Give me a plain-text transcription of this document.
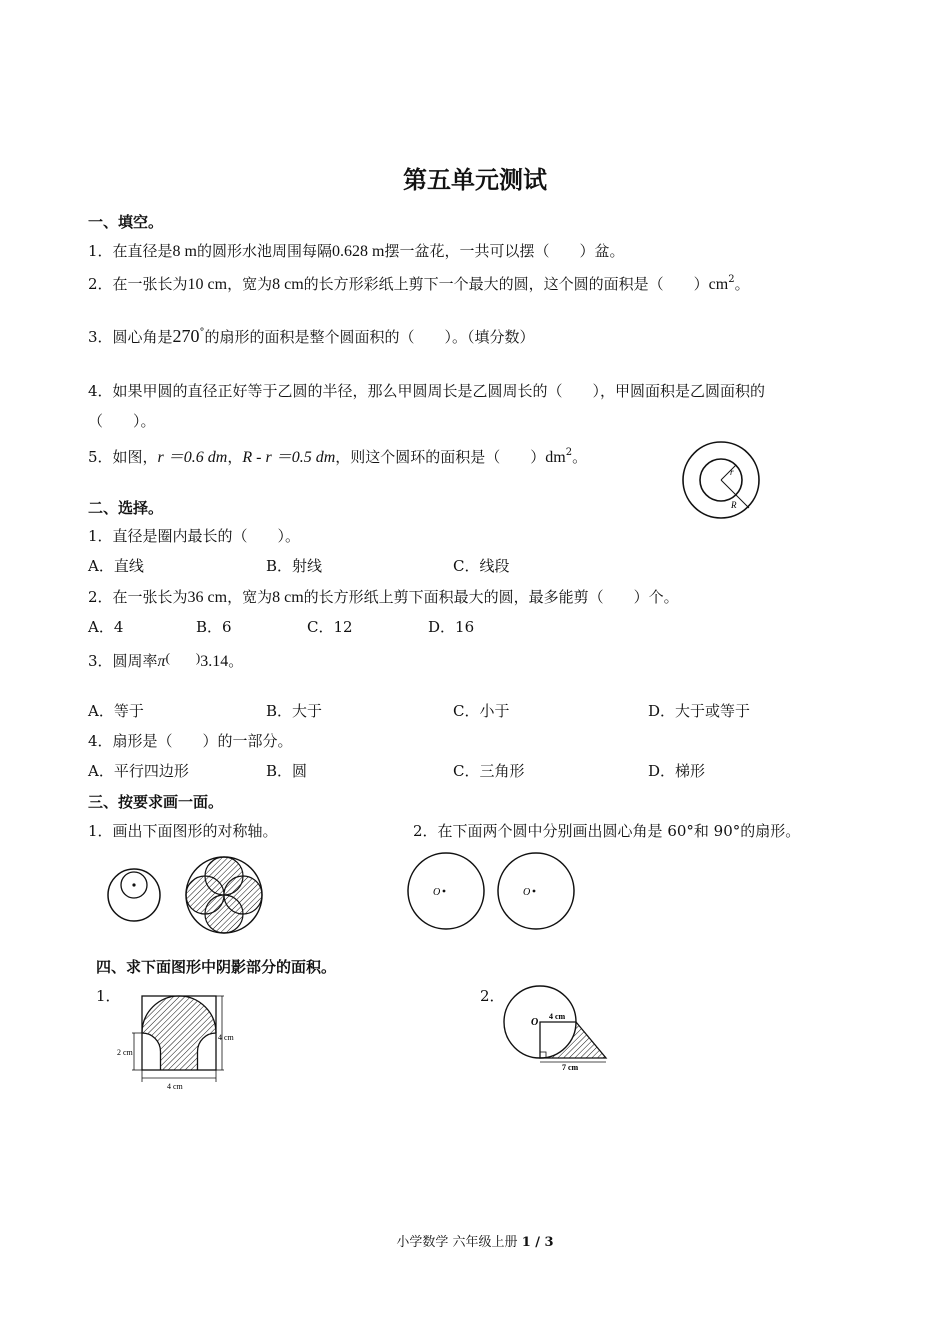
第五单元测试
一、填空。
1．在直径是8 m的圆形水池周围每隔0.628 m摆一盆花，一共可以摆（　　）盆。
2．在一张长为10 cm，宽为8 cm的长方形彩纸上剪下一个最大的圆，这个圆的面积是（　　）$cm^2$。
3．圆心角是270°的扇形的面积是整个圆面积的（　　）。（填分数）
4．如果甲圆的直径正好等于乙圆的半径，那么甲圆周长是乙圆周长的（　　），甲圆面积是乙圆面积的
（　　）。
5．如图，r ＝0.6 dm，R - r ＝0.5 dm，则这个圆环的面积是（　　）$dm^2$。
r
R
二、选择。
1．直径是圈内最长的（　　）。
A．直线	B．射线	C．线段
2．在一张长为36 cm，宽为8 cm的长方形纸上剪下面积最大的圆，最多能剪（　　）个。
A．4	B．6	C．12	D．16
3．圆周率π(　　)3.14。
A．等于	B．大于	C．小于	D．大于或等于
4．扇形是（　　）的一部分。
A．平行四边形	B．圆	C．三角形	D．梯形
三、按要求画一面。
1．画出下面图形的对称轴。	2．在下面两个圆中分别画出圆心角是 60°和 90°的扇形。
O	O
四、求下面图形中阴影部分的面积。
1．	2．
4 cm
2 cm
4 cm
O
4 cm
7 cm
小学数学 六年级上册 1 / 3
